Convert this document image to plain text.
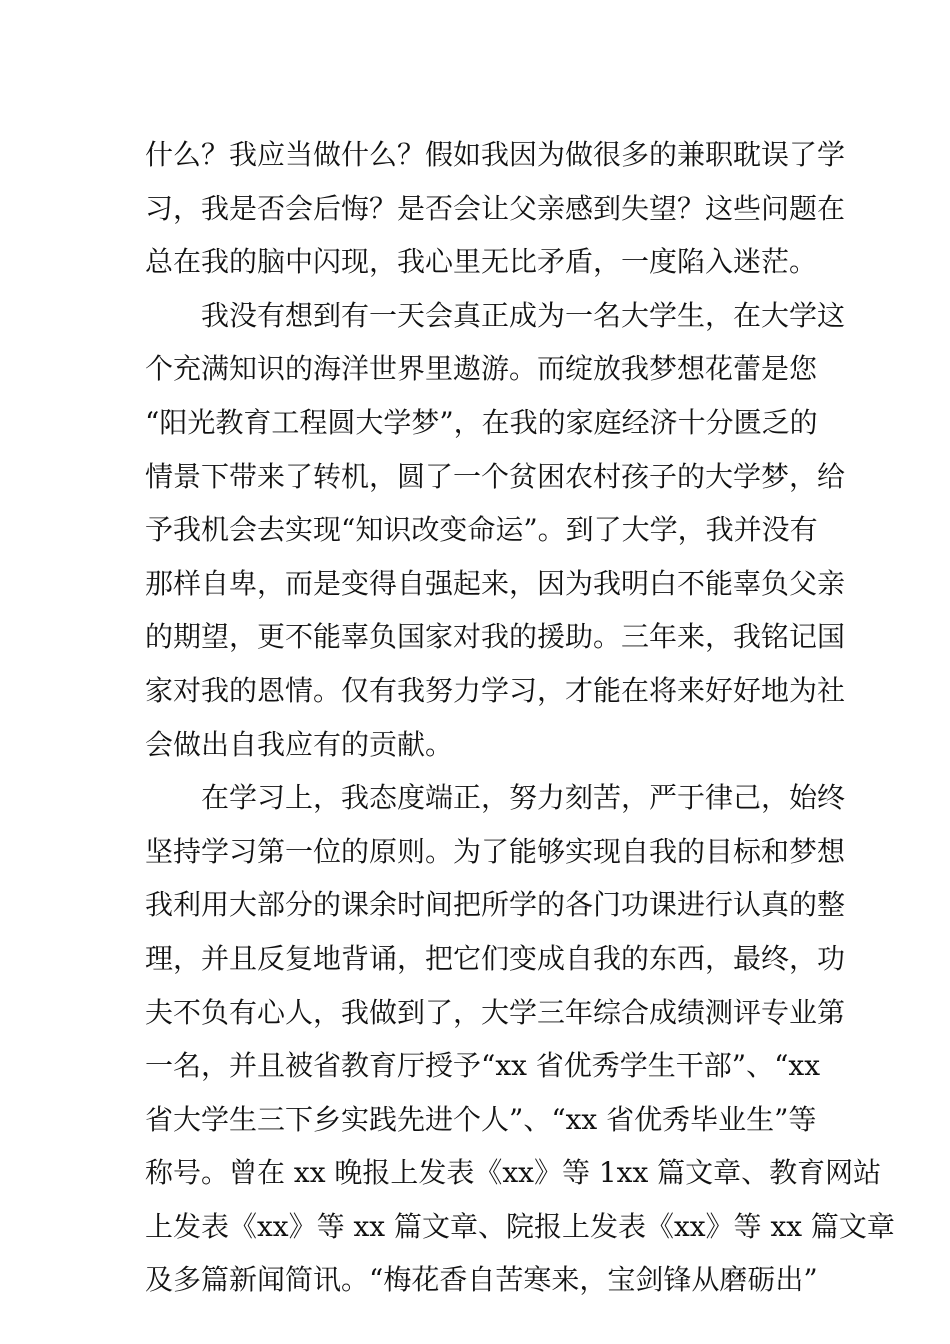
什么？我应当做什么？假如我因为做很多的兼职耽误了学
习，我是否会后悔？是否会让父亲感到失望？这些问题在
总在我的脑中闪现，我心里无比矛盾，一度陷入迷茫。
我没有想到有一天会真正成为一名大学生，在大学这
个充满知识的海洋世界里遨游。而绽放我梦想花蕾是您
“阳光教育工程圆大学梦”，在我的家庭经济十分匮乏的
情景下带来了转机，圆了一个贫困农村孩子的大学梦，给
予我机会去实现“知识改变命运”。到了大学，我并没有
那样自卑，而是变得自强起来，因为我明白不能辜负父亲
的期望，更不能辜负国家对我的援助。三年来，我铭记国
家对我的恩情。仅有我努力学习，才能在将来好好地为社
会做出自我应有的贡献。
在学习上，我态度端正，努力刻苦，严于律己，始终
坚持学习第一位的原则。为了能够实现自我的目标和梦想
我利用大部分的课余时间把所学的各门功课进行认真的整
理，并且反复地背诵，把它们变成自我的东西，最终，功
夫不负有心人，我做到了，大学三年综合成绩测评专业第
一名，并且被省教育厅授予“xx 省优秀学生干部”、“xx
省大学生三下乡实践先进个人”、“xx 省优秀毕业生”等
称号。曾在 xx 晚报上发表《xx》等 1xx 篇文章、教育网站
上发表《xx》等 xx 篇文章、院报上发表《xx》等 xx 篇文章
及多篇新闻简讯。“梅花香自苦寒来，宝剑锋从磨砺出”
